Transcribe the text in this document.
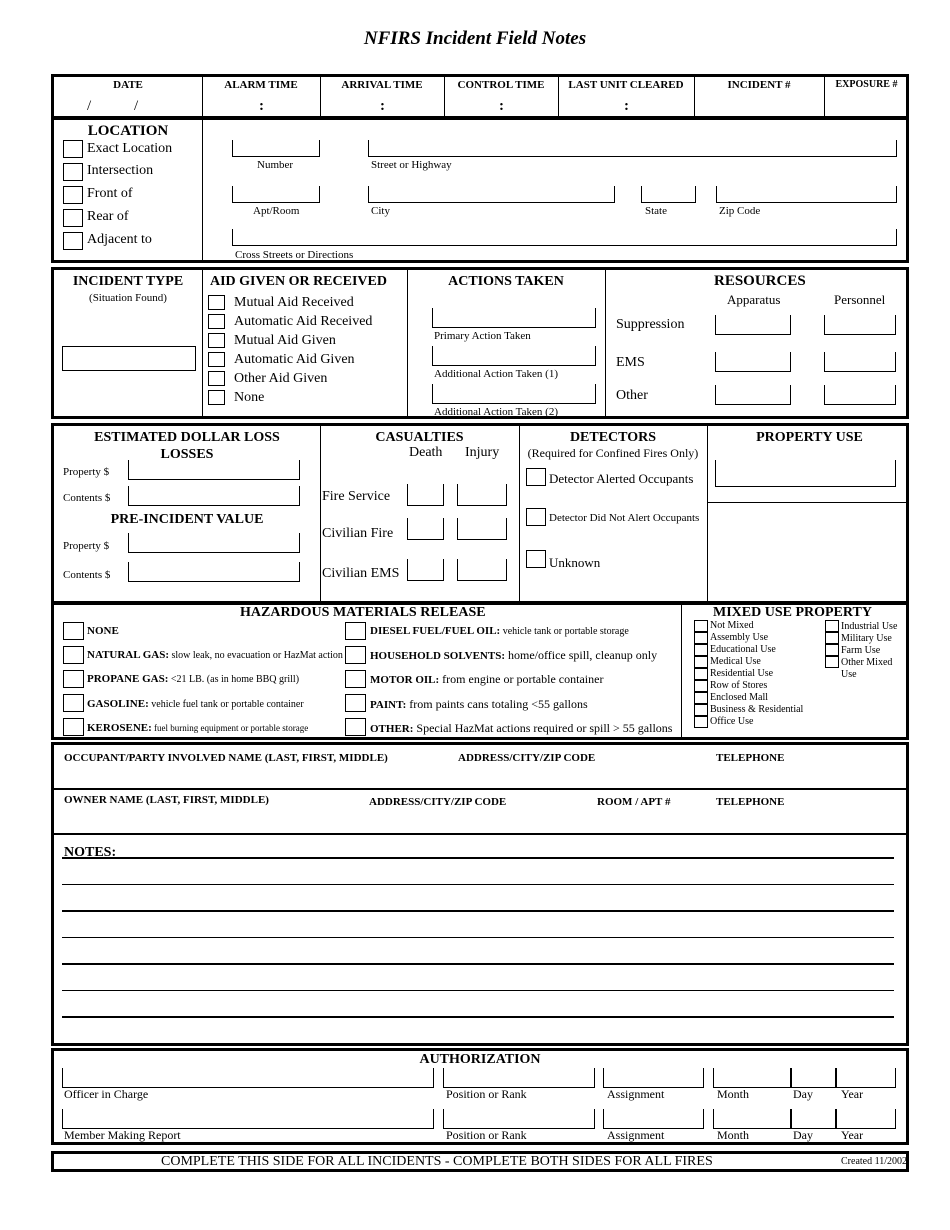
NFIRS Incident Field Notes
DATE	ALARM TIME	ARRIVAL TIME	CONTROL TIME	LAST UNIT CLEARED	INCIDENT #	EXPOSURE #
/	/	:	:	:	:
LOCATION
Exact Location
Intersection
Front of
Rear of
Adjacent to
Number	Street or Highway
Apt/Room	City	State	Zip Code
Cross Streets or Directions
INCIDENT TYPE
(Situation Found)
AID GIVEN OR RECEIVED
Mutual Aid Received
Automatic Aid Received
Mutual Aid Given
Automatic Aid Given
Other Aid Given
None
ACTIONS TAKEN
Primary Action Taken
Additional Action Taken (1)
Additional Action Taken (2)
RESOURCES
Apparatus	Personnel
Suppression
EMS
Other
ESTIMATED DOLLAR LOSS
LOSSES
Property $
Contents $
PRE-INCIDENT VALUE
Property $
Contents $
CASUALTIES
Death Injury
Fire Service
Civilian Fire
Civilian EMS
DETECTORS
(Required for Confined Fires Only)
Detector Alerted Occupants
Detector Did Not Alert Occupants
Unknown
PROPERTY USE
HAZARDOUS MATERIALS RELEASE
NONE
NATURAL GAS: slow leak, no evacuation or HazMat action
PROPANE GAS: <21 LB. (as in home BBQ grill)
GASOLINE: vehicle fuel tank or portable container
KEROSENE: fuel burning equipment or portable storage
DIESEL FUEL/FUEL OIL: vehicle tank or portable storage
HOUSEHOLD SOLVENTS: home/office spill, cleanup only
MOTOR OIL: from engine or portable container
PAINT: from paints cans totaling <55 gallons
OTHER: Special HazMat actions required or spill > 55 gallons
MIXED USE PROPERTY
Not Mixed
Assembly Use
Educational Use
Medical Use
Residential Use
Row of Stores
Enclosed Mall
Business & Residential
Office Use
Industrial Use
Military Use
Farm Use
Other Mixed
Use
OCCUPANT/PARTY INVOLVED NAME (LAST, FIRST, MIDDLE)	ADDRESS/CITY/ZIP CODE	TELEPHONE
OWNER NAME (LAST, FIRST, MIDDLE)	ADDRESS/CITY/ZIP CODE	ROOM / APT #	TELEPHONE
NOTES:
AUTHORIZATION
Officer in Charge	Position or Rank	Assignment	Month	Day Year
Member Making Report	Position or Rank	Assignment	Month	Day Year
COMPLETE THIS SIDE FOR ALL INCIDENTS - COMPLETE BOTH SIDES FOR ALL FIRES	Created 11/2002
